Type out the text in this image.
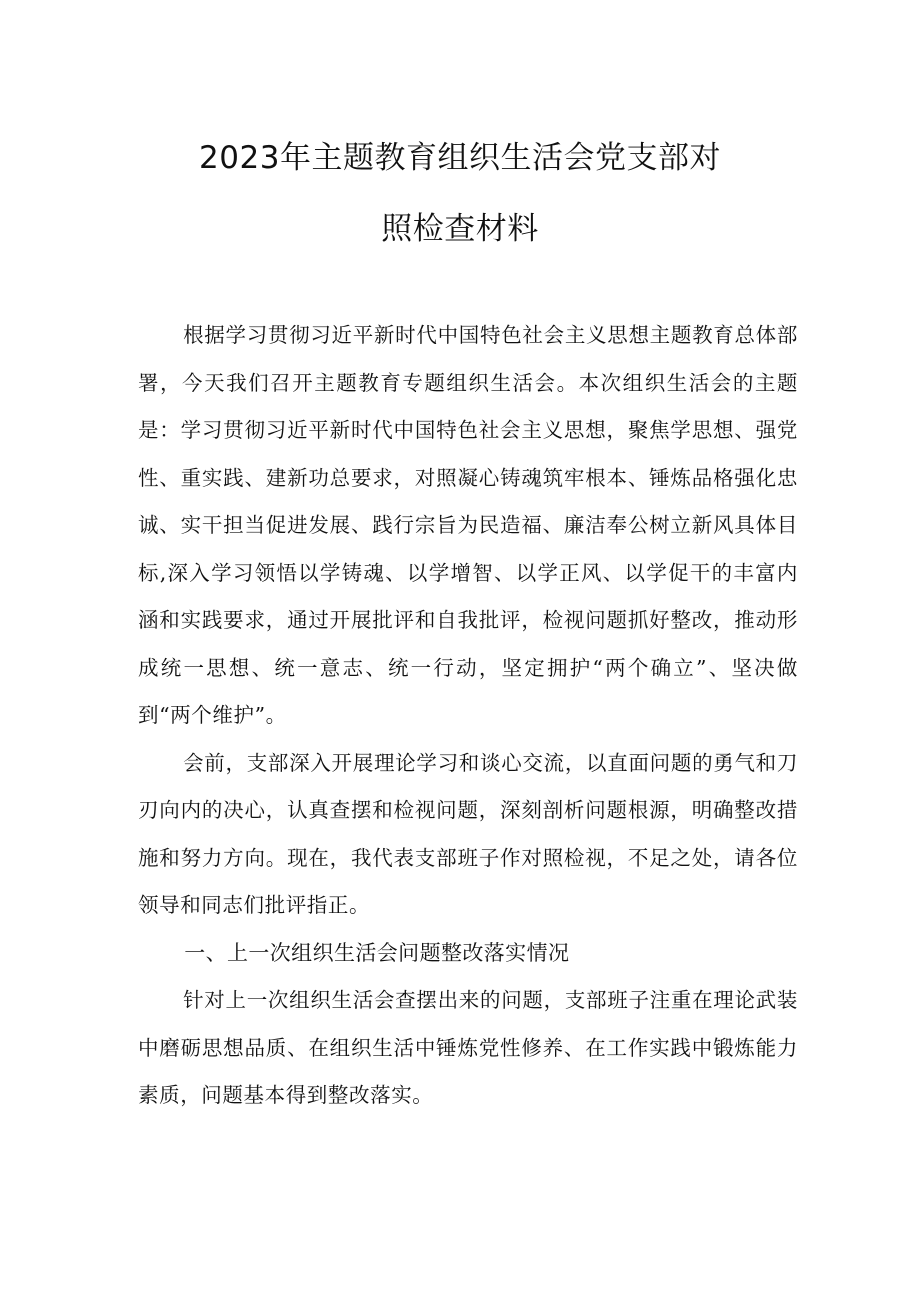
2023年主题教育组织生活会党支部对
照检查材料

根据学习贯彻习近平新时代中国特色社会主义思想主题教育总体部署，今天我们召开主题教育专题组织生活会。本次组织生活会的主题是：学习贯彻习近平新时代中国特色社会主义思想，聚焦学思想、强党性、重实践、建新功总要求，对照凝心铸魂筑牢根本、锤炼品格强化忠诚、实干担当促进发展、践行宗旨为民造福、廉洁奉公树立新风具体目标,深入学习领悟以学铸魂、以学增智、以学正风、以学促干的丰富内涵和实践要求，通过开展批评和自我批评，检视问题抓好整改，推动形成统一思想、统一意志、统一行动，坚定拥护“两个确立”、坚决做到“两个维护”。

会前，支部深入开展理论学习和谈心交流，以直面问题的勇气和刀刃向内的决心，认真查摆和检视问题，深刻剖析问题根源，明确整改措施和努力方向。现在，我代表支部班子作对照检视，不足之处，请各位领导和同志们批评指正。

一、上一次组织生活会问题整改落实情况

针对上一次组织生活会查摆出来的问题，支部班子注重在理论武装中磨砺思想品质、在组织生活中锤炼党性修养、在工作实践中锻炼能力素质，问题基本得到整改落实。
